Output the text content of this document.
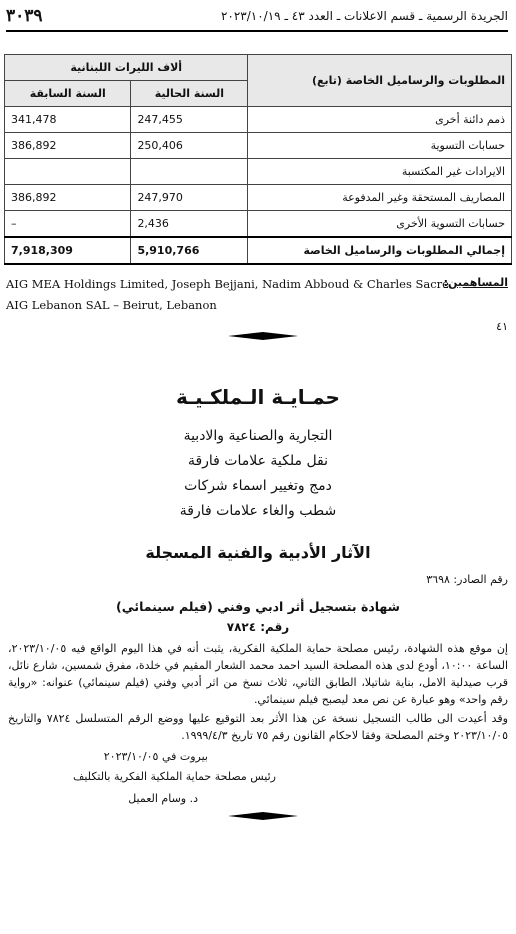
٣٠٣٩	الجريدة الرسمية ـ قسم الاعلانات ـ العدد ٤٣ ـ ٢٠٢٣/١٠/١٩
المطلوبات والرساميل الخاصة (تابع)	ألاف الليرات اللبنانية	
	السنة الحالية	السنة السابقة
ذمم دائنة أخرى	247,455	341,478
حسابات التسوية	250,406	386,892
الايرادات غير المكتسبة		
المصاريف المستحقة وغير المدفوعة	247,970	386,892
حسابات التسوية الأخرى	2,436	–
إجمالي المطلوبات والرساميل الخاصة	5,910,766	7,918,309
المساهمين:
AIG MEA Holdings Limited, Joseph Bejjani, Nadim Abboud & Charles Sacre.
AIG Lebanon SAL – Beirut, Lebanon
٤١
حمـايـة الـملكـيـة
التجارية والصناعية والادبية
نقل ملكية علامات فارقة
دمج وتغيير اسماء شركات
شطب والغاء علامات فارقة
الآثار الأدبية والفنية المسجلة
رقم الصادر: ٣٦٩٨
شهادة بتسجيل أثر ادبي وفني (فيلم سينمائي)
رقم: ٧٨٢٤
إن موقع هذه الشهادة، رئيس مصلحة حماية الملكية الفكرية، يثبت أنه في هذا اليوم الواقع فيه ٢٠٢٣/١٠/٠٥، الساعة ١٠:٠٠، أودع لدى هذه المصلحة السيد احمد محمد الشعار المقيم في خلدة، مفرق شمسين، شارع نائل، قرب صيدلية الامل، بناية شاتيلا، الطابق الثاني، ثلاث نسخ من اثر أدبي وفني (فيلم سينمائي) عنوانه: «رواية رقم واحد» وهو عبارة عن نص معد ليصبح فيلم سينمائي.
وقد أعيدت الى طالب التسجيل نسخة عن هذا الأثر بعد التوقيع عليها ووضع الرقم المتسلسل ٧٨٢٤ والتاريخ ٢٠٢٣/١٠/٠٥ وختم المصلحة وفقا لاحكام القانون رقم ٧٥ تاريخ ١٩٩٩/٤/٣.
بيروت في ٢٠٢٣/١٠/٠٥
رئيس مصلحة حماية الملكية الفكرية بالتكليف
د. وسام العميل
